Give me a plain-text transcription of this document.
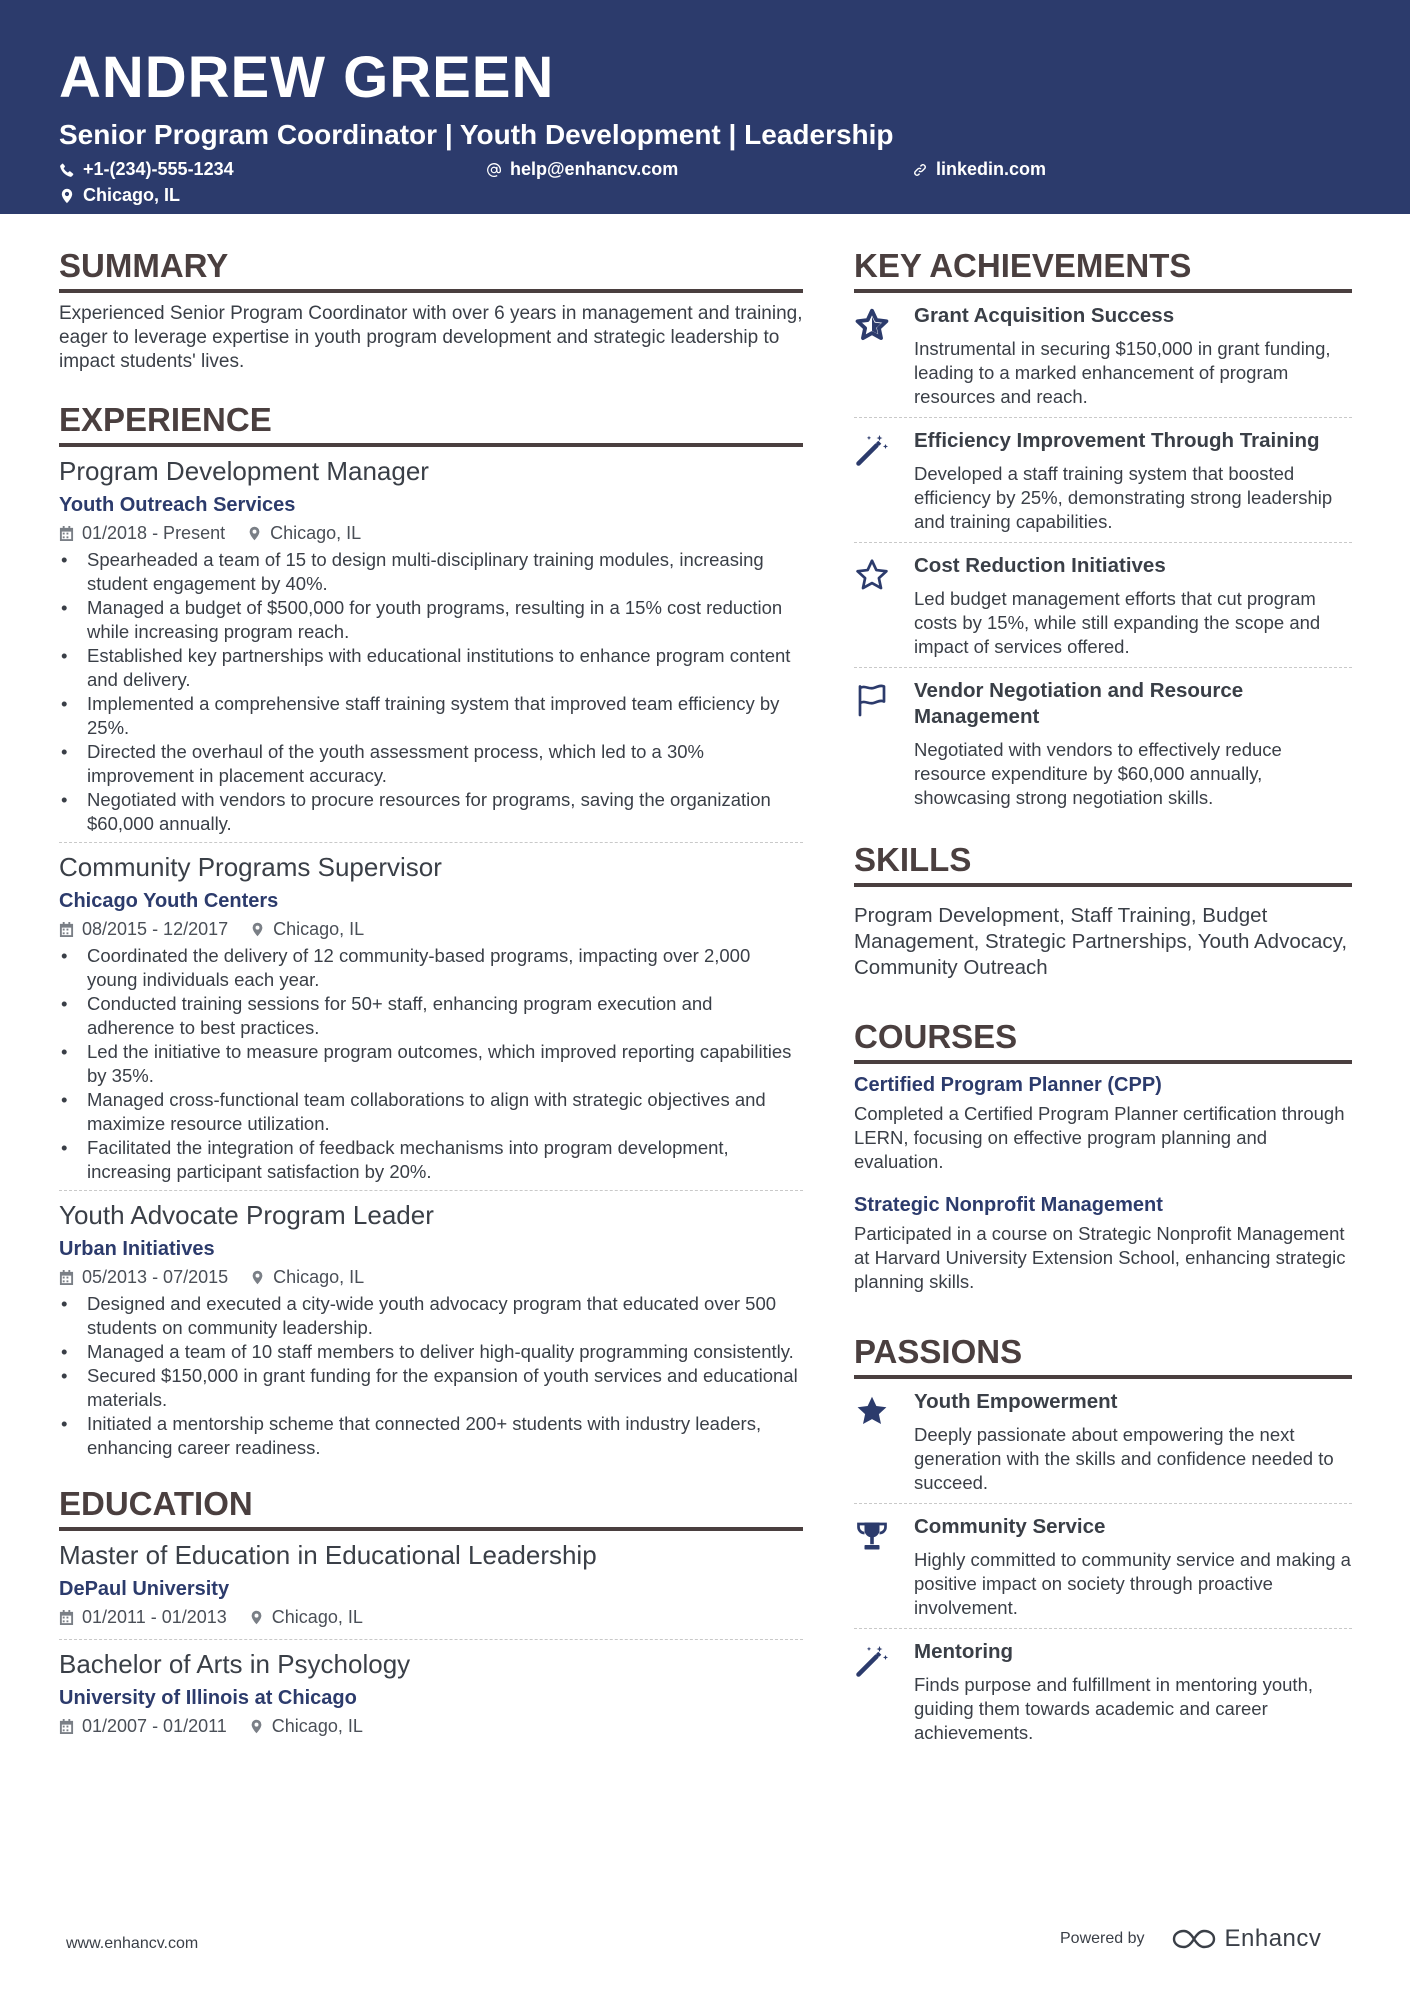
ANDREW GREEN
Senior Program Coordinator | Youth Development | Leadership
+1-(234)-555-1234	help@enhancv.com	linkedin.com
Chicago, IL
SUMMARY
Experienced Senior Program Coordinator with over 6 years in management and training, eager to leverage expertise in youth program development and strategic leadership to impact students' lives.
EXPERIENCE
Program Development Manager
Youth Outreach Services
01/2018 - Present	Chicago, IL
• Spearheaded a team of 15 to design multi-disciplinary training modules, increasing student engagement by 40%.
• Managed a budget of $500,000 for youth programs, resulting in a 15% cost reduction while increasing program reach.
• Established key partnerships with educational institutions to enhance program content and delivery.
• Implemented a comprehensive staff training system that improved team efficiency by 25%.
• Directed the overhaul of the youth assessment process, which led to a 30% improvement in placement accuracy.
• Negotiated with vendors to procure resources for programs, saving the organization $60,000 annually.
Community Programs Supervisor
Chicago Youth Centers
08/2015 - 12/2017	Chicago, IL
• Coordinated the delivery of 12 community-based programs, impacting over 2,000 young individuals each year.
• Conducted training sessions for 50+ staff, enhancing program execution and adherence to best practices.
• Led the initiative to measure program outcomes, which improved reporting capabilities by 35%.
• Managed cross-functional team collaborations to align with strategic objectives and maximize resource utilization.
• Facilitated the integration of feedback mechanisms into program development, increasing participant satisfaction by 20%.
Youth Advocate Program Leader
Urban Initiatives
05/2013 - 07/2015	Chicago, IL
• Designed and executed a city-wide youth advocacy program that educated over 500 students on community leadership.
• Managed a team of 10 staff members to deliver high-quality programming consistently.
• Secured $150,000 in grant funding for the expansion of youth services and educational materials.
• Initiated a mentorship scheme that connected 200+ students with industry leaders, enhancing career readiness.
EDUCATION
Master of Education in Educational Leadership
DePaul University
01/2011 - 01/2013	Chicago, IL
Bachelor of Arts in Psychology
University of Illinois at Chicago
01/2007 - 01/2011	Chicago, IL
KEY ACHIEVEMENTS
Grant Acquisition Success
Instrumental in securing $150,000 in grant funding, leading to a marked enhancement of program resources and reach.
Efficiency Improvement Through Training
Developed a staff training system that boosted efficiency by 25%, demonstrating strong leadership and training capabilities.
Cost Reduction Initiatives
Led budget management efforts that cut program costs by 15%, while still expanding the scope and impact of services offered.
Vendor Negotiation and Resource Management
Negotiated with vendors to effectively reduce resource expenditure by $60,000 annually, showcasing strong negotiation skills.
SKILLS
Program Development, Staff Training, Budget Management, Strategic Partnerships, Youth Advocacy, Community Outreach
COURSES
Certified Program Planner (CPP)
Completed a Certified Program Planner certification through LERN, focusing on effective program planning and evaluation.
Strategic Nonprofit Management
Participated in a course on Strategic Nonprofit Management at Harvard University Extension School, enhancing strategic planning skills.
PASSIONS
Youth Empowerment
Deeply passionate about empowering the next generation with the skills and confidence needed to succeed.
Community Service
Highly committed to community service and making a positive impact on society through proactive involvement.
Mentoring
Finds purpose and fulfillment in mentoring youth, guiding them towards academic and career achievements.
www.enhancv.com	Powered by	Enhancv
